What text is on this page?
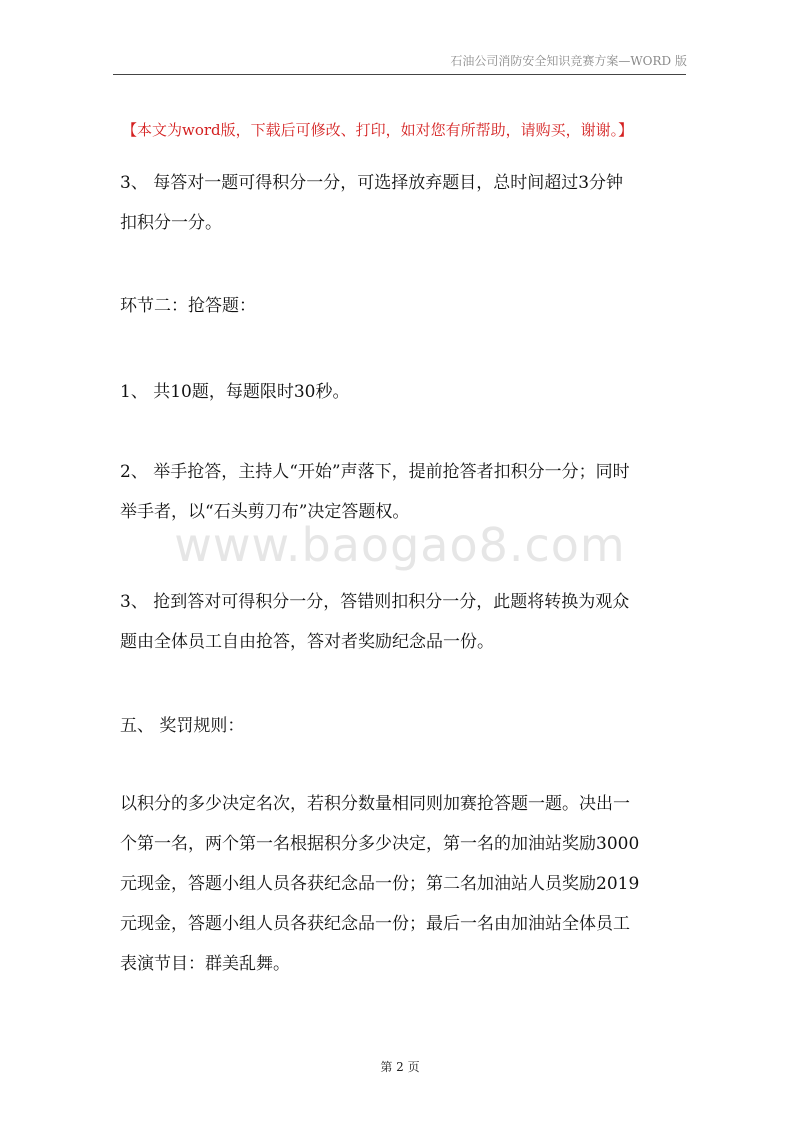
石油公司消防安全知识竞赛方案—WORD 版
【本文为word版，下载后可修改、打印，如对您有所帮助，请购买，谢谢。】
www.baogao8.com
3、 每答对一题可得积分一分，可选择放弃题目，总时间超过3分钟
扣积分一分。
环节二：抢答题：
1、 共10题，每题限时30秒。
2、 举手抢答，主持人“开始”声落下，提前抢答者扣积分一分；同时
举手者，以“石头剪刀布”决定答题权。
3、 抢到答对可得积分一分，答错则扣积分一分，此题将转换为观众
题由全体员工自由抢答，答对者奖励纪念品一份。
五、 奖罚规则：
以积分的多少决定名次，若积分数量相同则加赛抢答题一题。决出一
个第一名，两个第一名根据积分多少决定，第一名的加油站奖励3000
元现金，答题小组人员各获纪念品一份；第二名加油站人员奖励2019
元现金，答题小组人员各获纪念品一份；最后一名由加油站全体员工
表演节目：群美乱舞。
第 2 页
